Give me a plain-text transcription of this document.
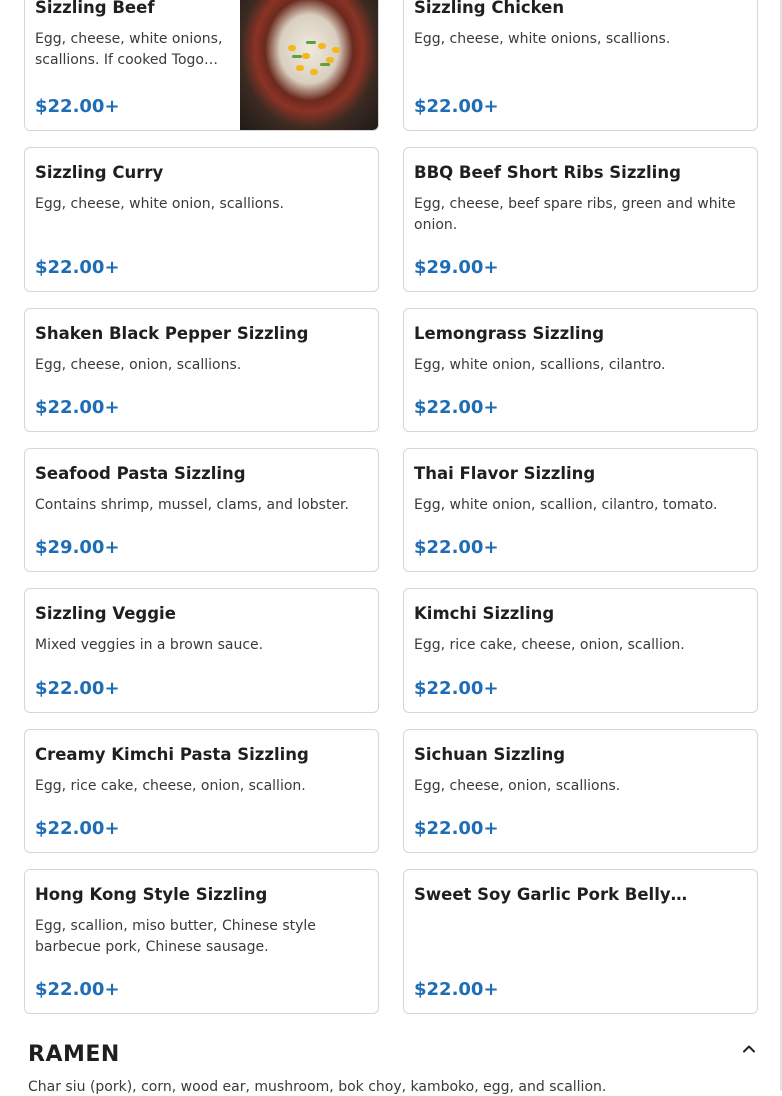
Sizzling Beef
Egg, cheese, white onions, scallions. If cooked Togo…
$22.00+
Sizzling Chicken
Egg, cheese, white onions, scallions.
$22.00+
Sizzling Curry
Egg, cheese, white onion, scallions.
$22.00+
BBQ Beef Short Ribs Sizzling
Egg, cheese, beef spare ribs, green and white onion.
$29.00+
Shaken Black Pepper Sizzling
Egg, cheese, onion, scallions.
$22.00+
Lemongrass Sizzling
Egg, white onion, scallions, cilantro.
$22.00+
Seafood Pasta Sizzling
Contains shrimp, mussel, clams, and lobster.
$29.00+
Thai Flavor Sizzling
Egg, white onion, scallion, cilantro, tomato.
$22.00+
Sizzling Veggie
Mixed veggies in a brown sauce.
$22.00+
Kimchi Sizzling
Egg, rice cake, cheese, onion, scallion.
$22.00+
Creamy Kimchi Pasta Sizzling
Egg, rice cake, cheese, onion, scallion.
$22.00+
Sichuan Sizzling
Egg, cheese, onion, scallions.
$22.00+
Hong Kong Style Sizzling
Egg, scallion, miso butter, Chinese style barbecue pork, Chinese sausage.
$22.00+
Sweet Soy Garlic Pork Belly…
$22.00+
RAMEN
Char siu (pork), corn, wood ear, mushroom, bok choy, kamboko, egg, and scallion.
